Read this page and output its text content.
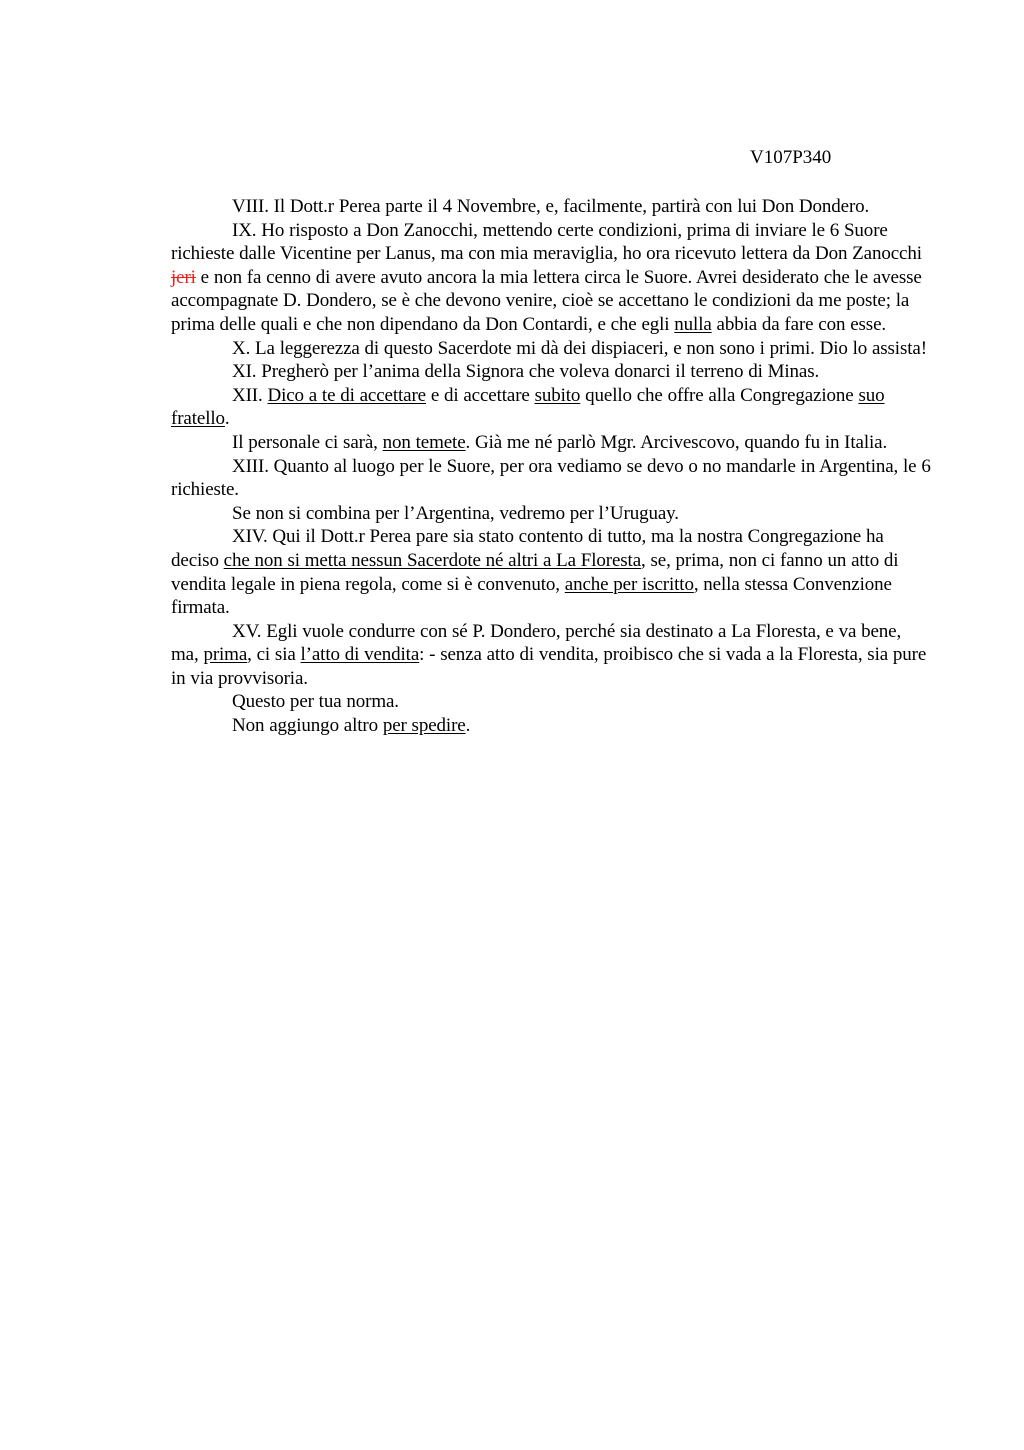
V107P340

VIII. Il Dott.r Perea parte il 4 Novembre, e, facilmente, partirà con lui Don Dondero.

IX. Ho risposto a Don Zanocchi, mettendo certe condizioni, prima di inviare le 6 Suore richieste dalle Vicentine per Lanus, ma con mia meraviglia, ho ora ricevuto lettera da Don Zanocchi jeri e non fa cenno di avere avuto ancora la mia lettera circa le Suore. Avrei desiderato che le avesse accompagnate D. Dondero, se è che devono venire, cioè se accettano le condizioni da me poste; la prima delle quali e che non dipendano da Don Contardi, e che egli nulla abbia da fare con esse.

X. La leggerezza di questo Sacerdote mi dà dei dispiaceri, e non sono i primi. Dio lo assista!

XI. Pregherò per l’anima della Signora che voleva donarci il terreno di Minas.

XII. Dico a te di accettare e di accettare subito quello che offre alla Congregazione suo fratello.

Il personale ci sarà, non temete. Già me né parlò Mgr. Arcivescovo, quando fu in Italia.

XIII. Quanto al luogo per le Suore, per ora vediamo se devo o no mandarle in Argentina, le 6 richieste.

Se non si combina per l’Argentina, vedremo per l’Uruguay.

XIV. Qui il Dott.r Perea pare sia stato contento di tutto, ma la nostra Congregazione ha deciso che non si metta nessun Sacerdote né altri a La Floresta, se, prima, non ci fanno un atto di vendita legale in piena regola, come si è convenuto, anche per iscritto, nella stessa Convenzione firmata.

XV. Egli vuole condurre con sé P. Dondero, perché sia destinato a La Floresta, e va bene, ma, prima, ci sia l’atto di vendita: - senza atto di vendita, proibisco che si vada a la Floresta, sia pure in via provvisoria.

Questo per tua norma.

Non aggiungo altro per spedire.
